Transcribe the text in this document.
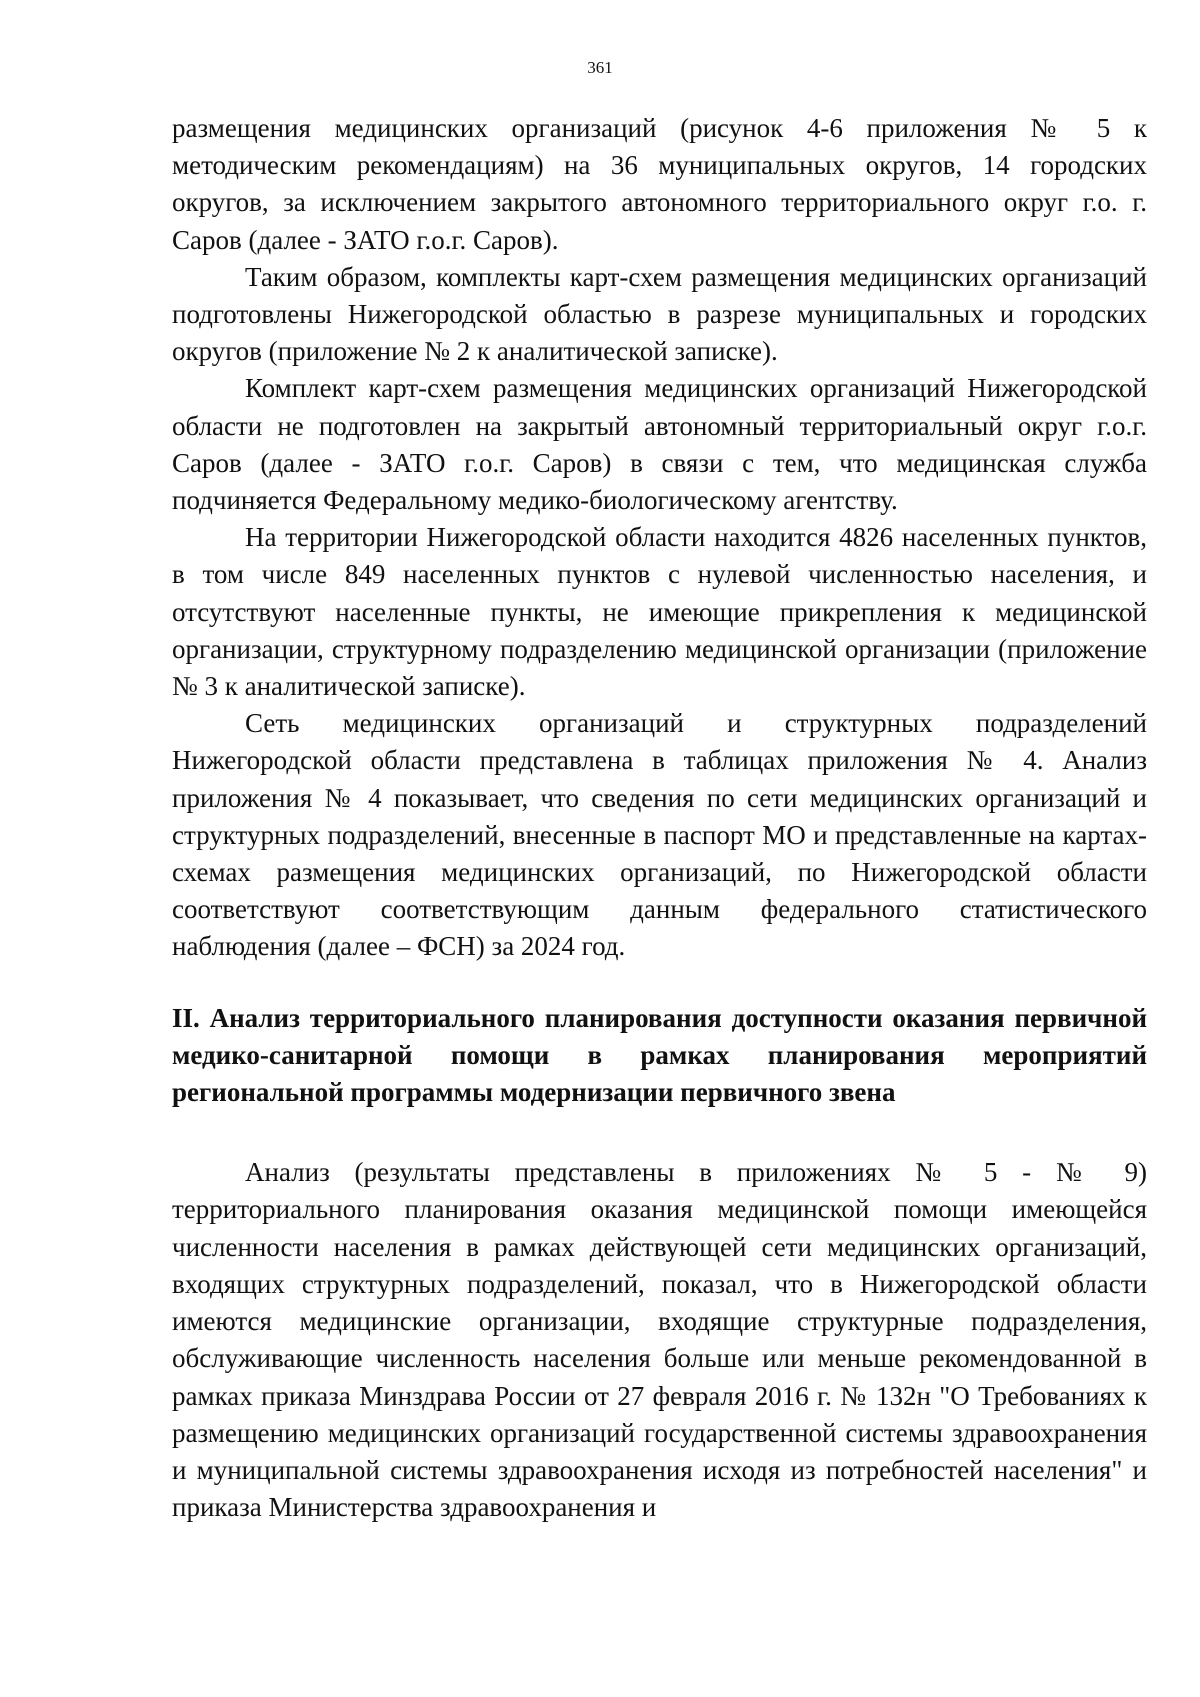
361

размещения медицинских организаций (рисунок 4-6 приложения № 5 к методическим рекомендациям) на 36 муниципальных округов, 14 городских округов, за исключением закрытого автономного территориального округ г.о. г. Саров (далее - ЗАТО г.о.г. Саров).

Таким образом, комплекты карт-схем размещения медицинских организаций подготовлены Нижегородской областью в разрезе муниципальных и городских округов (приложение № 2 к аналитической записке).

Комплект карт-схем размещения медицинских организаций Нижегородской области не подготовлен на закрытый автономный территориальный округ г.о.г. Саров (далее - ЗАТО г.о.г. Саров) в связи с тем, что медицинская служба подчиняется Федеральному медико-биологическому агентству.

На территории Нижегородской области находится 4826 населенных пунктов, в том числе 849 населенных пунктов с нулевой численностью населения, и отсутствуют населенные пункты, не имеющие прикрепления к медицинской организации, структурному подразделению медицинской организации (приложение № 3 к аналитической записке).

Сеть медицинских организаций и структурных подразделений Нижегородской области представлена в таблицах приложения № 4. Анализ приложения № 4 показывает, что сведения по сети медицинских организаций и структурных подразделений, внесенные в паспорт МО и представленные на картах-схемах размещения медицинских организаций, по Нижегородской области соответствуют соответствующим данным федерального статистического наблюдения (далее – ФСН) за 2024 год.

II. Анализ территориального планирования доступности оказания первичной медико-санитарной помощи в рамках планирования мероприятий региональной программы модернизации первичного звена

Анализ (результаты представлены в приложениях № 5 - № 9) территориального планирования оказания медицинской помощи имеющейся численности населения в рамках действующей сети медицинских организаций, входящих структурных подразделений, показал, что в Нижегородской области имеются медицинские организации, входящие структурные подразделения, обслуживающие численность населения больше или меньше рекомендованной в рамках приказа Минздрава России от 27 февраля 2016 г. № 132н "О Требованиях к размещению медицинских организаций государственной системы здравоохранения и муниципальной системы здравоохранения исходя из потребностей населения" и приказа Министерства здравоохранения и
